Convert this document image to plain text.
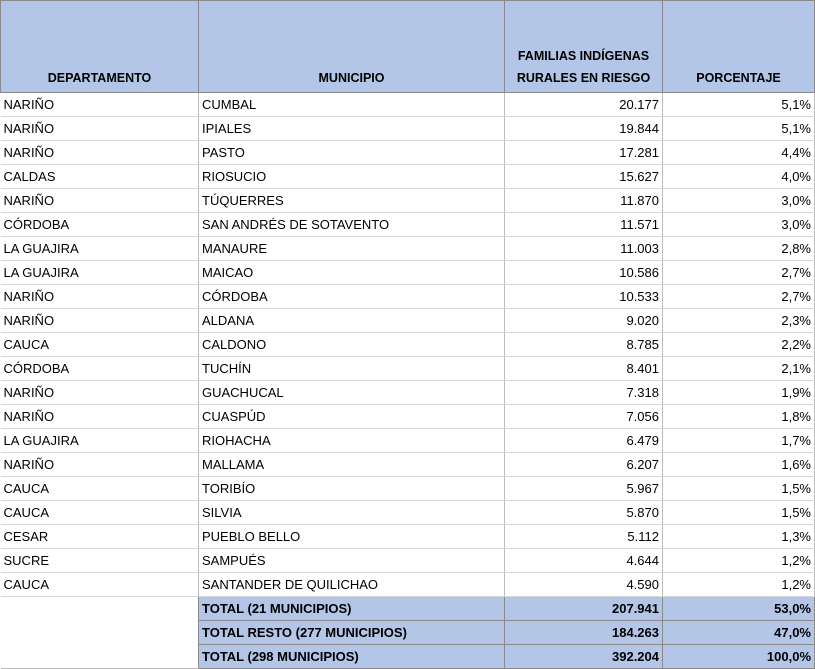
DEPARTAMENTO	MUNICIPIO	FAMILIAS INDÍGENAS RURALES EN RIESGO	PORCENTAJE
NARIÑO	CUMBAL	20.177	5,1%
NARIÑO	IPIALES	19.844	5,1%
NARIÑO	PASTO	17.281	4,4%
CALDAS	RIOSUCIO	15.627	4,0%
NARIÑO	TÚQUERRES	11.870	3,0%
CÓRDOBA	SAN ANDRÉS DE SOTAVENTO	11.571	3,0%
LA GUAJIRA	MANAURE	11.003	2,8%
LA GUAJIRA	MAICAO	10.586	2,7%
NARIÑO	CÓRDOBA	10.533	2,7%
NARIÑO	ALDANA	9.020	2,3%
CAUCA	CALDONO	8.785	2,2%
CÓRDOBA	TUCHÍN	8.401	2,1%
NARIÑO	GUACHUCAL	7.318	1,9%
NARIÑO	CUASPÚD	7.056	1,8%
LA GUAJIRA	RIOHACHA	6.479	1,7%
NARIÑO	MALLAMA	6.207	1,6%
CAUCA	TORIBÍO	5.967	1,5%
CAUCA	SILVIA	5.870	1,5%
CESAR	PUEBLO BELLO	5.112	1,3%
SUCRE	SAMPUÉS	4.644	1,2%
CAUCA	SANTANDER DE QUILICHAO	4.590	1,2%
	TOTAL (21 MUNICIPIOS)	207.941	53,0%
	TOTAL RESTO (277 MUNICIPIOS)	184.263	47,0%
	TOTAL (298 MUNICIPIOS)	392.204	100,0%
